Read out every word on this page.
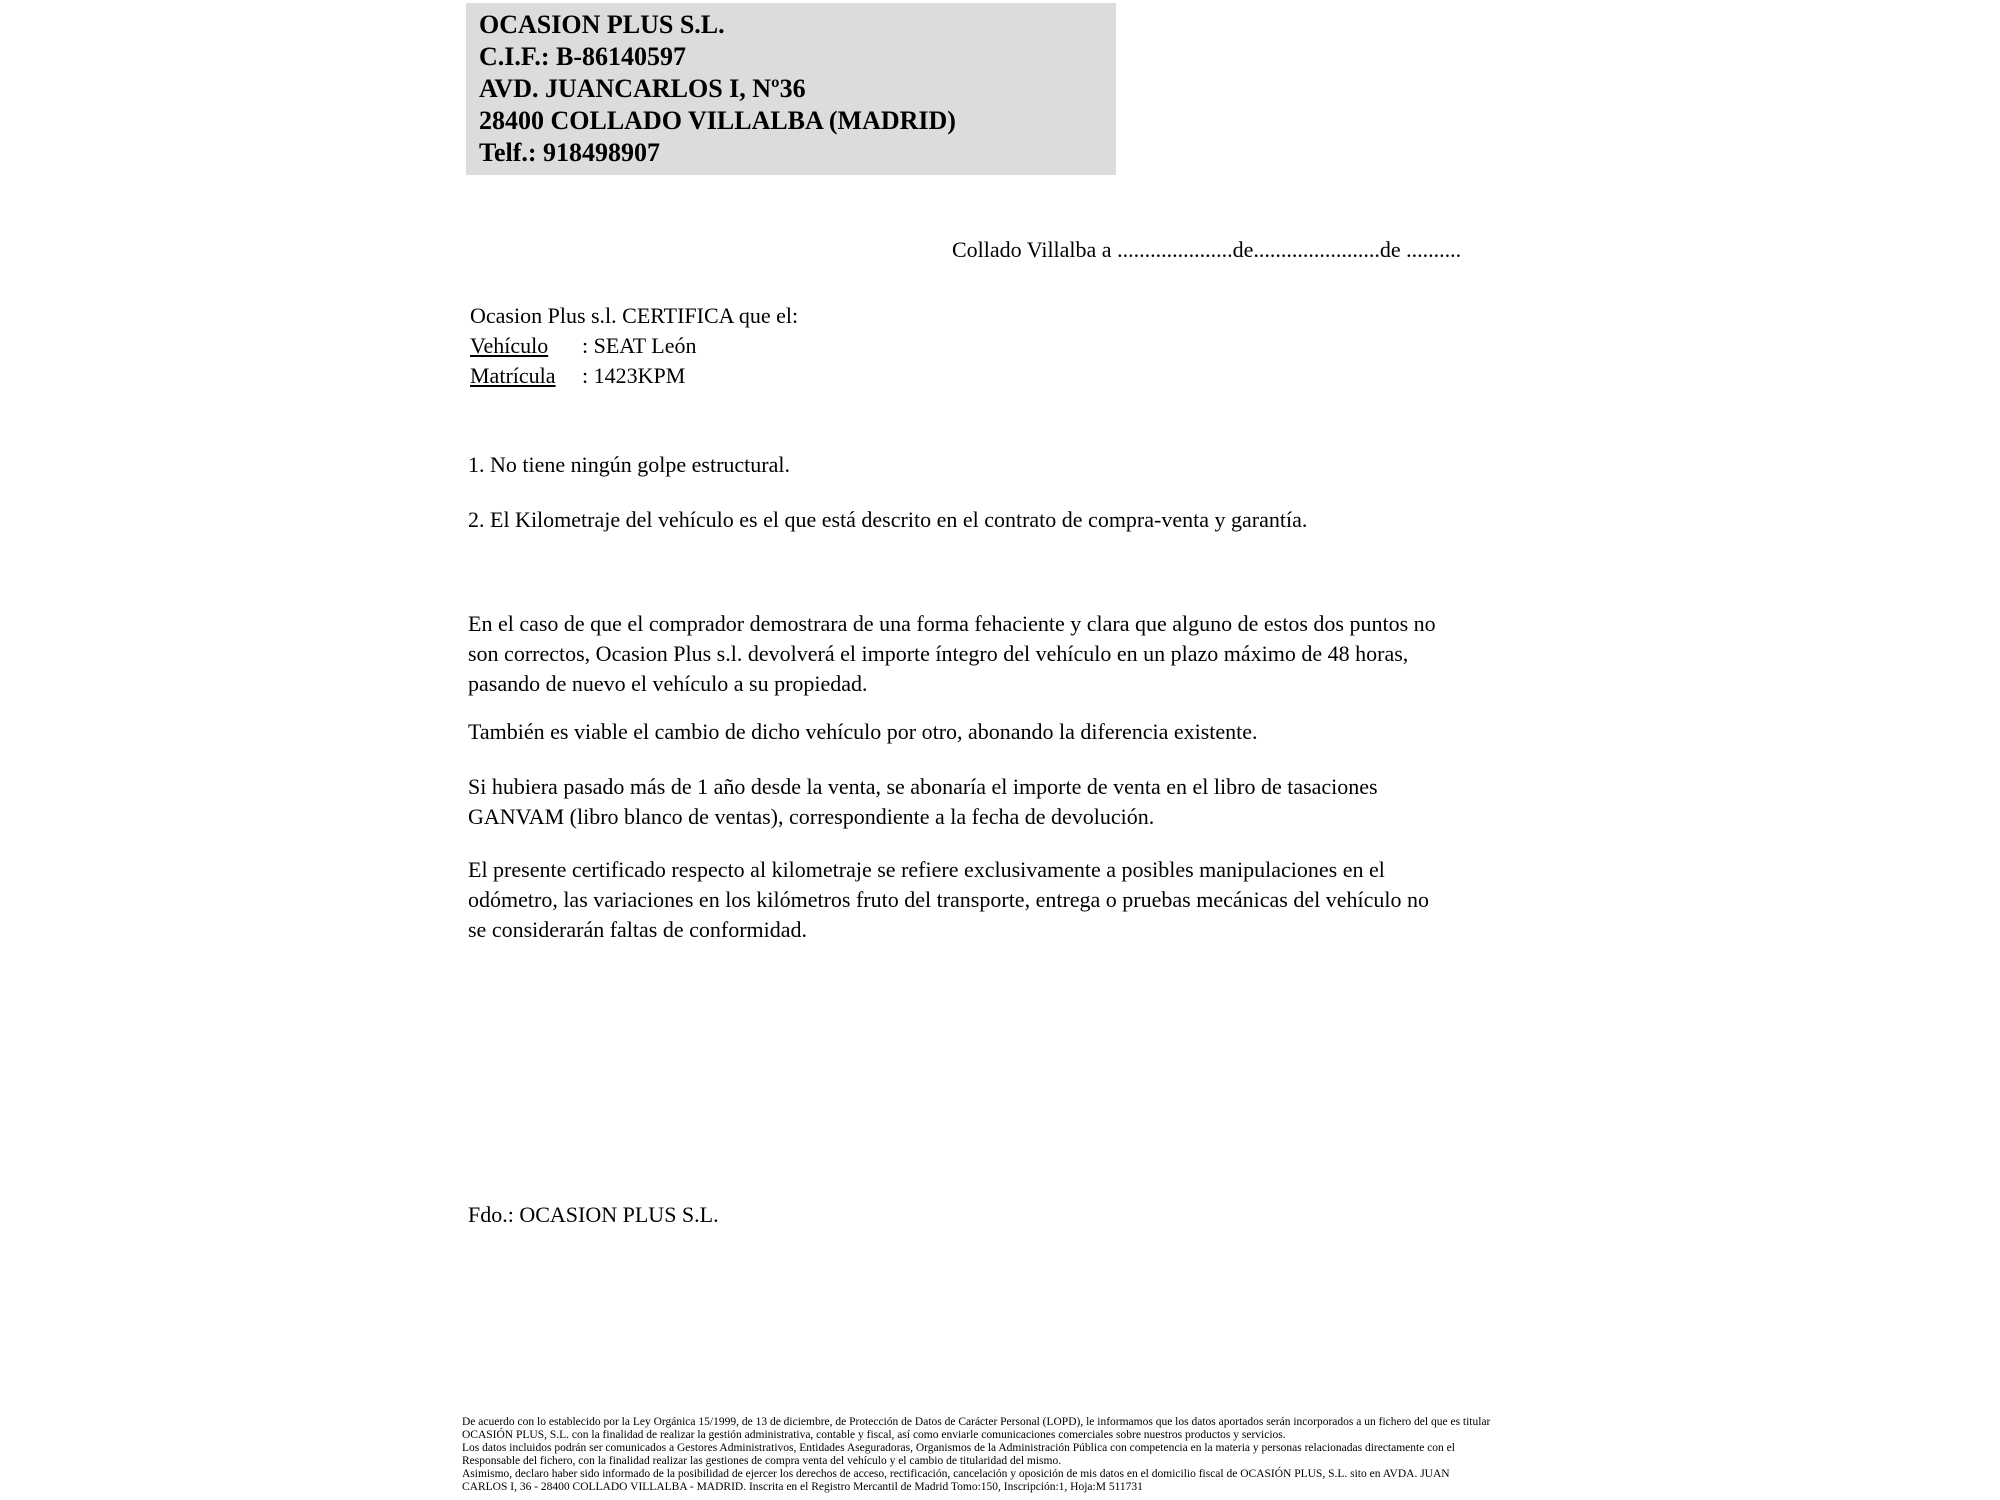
OCASION PLUS S.L.
C.I.F.: B-86140597
AVD. JUANCARLOS I, Nº36
28400 COLLADO VILLALBA (MADRID)
Telf.: 918498907
Collado Villalba a .....................de.......................de ..........
Ocasion Plus s.l. CERTIFICA que el:
Vehículo : SEAT León
Matrícula : 1423KPM
1. No tiene ningún golpe estructural.
2. El Kilometraje del vehículo es el que está descrito en el contrato de compra-venta y garantía.
En el caso de que el comprador demostrara de una forma fehaciente y clara que alguno de estos dos puntos no
son correctos, Ocasion Plus s.l. devolverá el importe íntegro del vehículo en un plazo máximo de 48 horas,
pasando de nuevo el vehículo a su propiedad.
También es viable el cambio de dicho vehículo por otro, abonando la diferencia existente.
Si hubiera pasado más de 1 año desde la venta, se abonaría el importe de venta en el libro de tasaciones
GANVAM (libro blanco de ventas), correspondiente a la fecha de devolución.
El presente certificado respecto al kilometraje se refiere exclusivamente a posibles manipulaciones en el
odómetro, las variaciones en los kilómetros fruto del transporte, entrega o pruebas mecánicas del vehículo no
se considerarán faltas de conformidad.
Fdo.: OCASION PLUS S.L.
De acuerdo con lo establecido por la Ley Orgánica 15/1999, de 13 de diciembre, de Protección de Datos de Carácter Personal (LOPD), le informamos que los datos aportados serán incorporados a un fichero del que es titular
OCASIÓN PLUS, S.L. con la finalidad de realizar la gestión administrativa, contable y fiscal, así como enviarle comunicaciones comerciales sobre nuestros productos y servicios.
Los datos incluidos podrán ser comunicados a Gestores Administrativos, Entidades Aseguradoras, Organismos de la Administración Pública con competencia en la materia y personas relacionadas directamente con el
Responsable del fichero, con la finalidad realizar las gestiones de compra venta del vehículo y el cambio de titularidad del mismo.
Asimismo, declaro haber sido informado de la posibilidad de ejercer los derechos de acceso, rectificación, cancelación y oposición de mis datos en el domicilio fiscal de OCASIÓN PLUS, S.L. sito en AVDA. JUAN
CARLOS I, 36 - 28400 COLLADO VILLALBA - MADRID. Inscrita en el Registro Mercantil de Madrid Tomo:150, Inscripción:1, Hoja:M 511731
